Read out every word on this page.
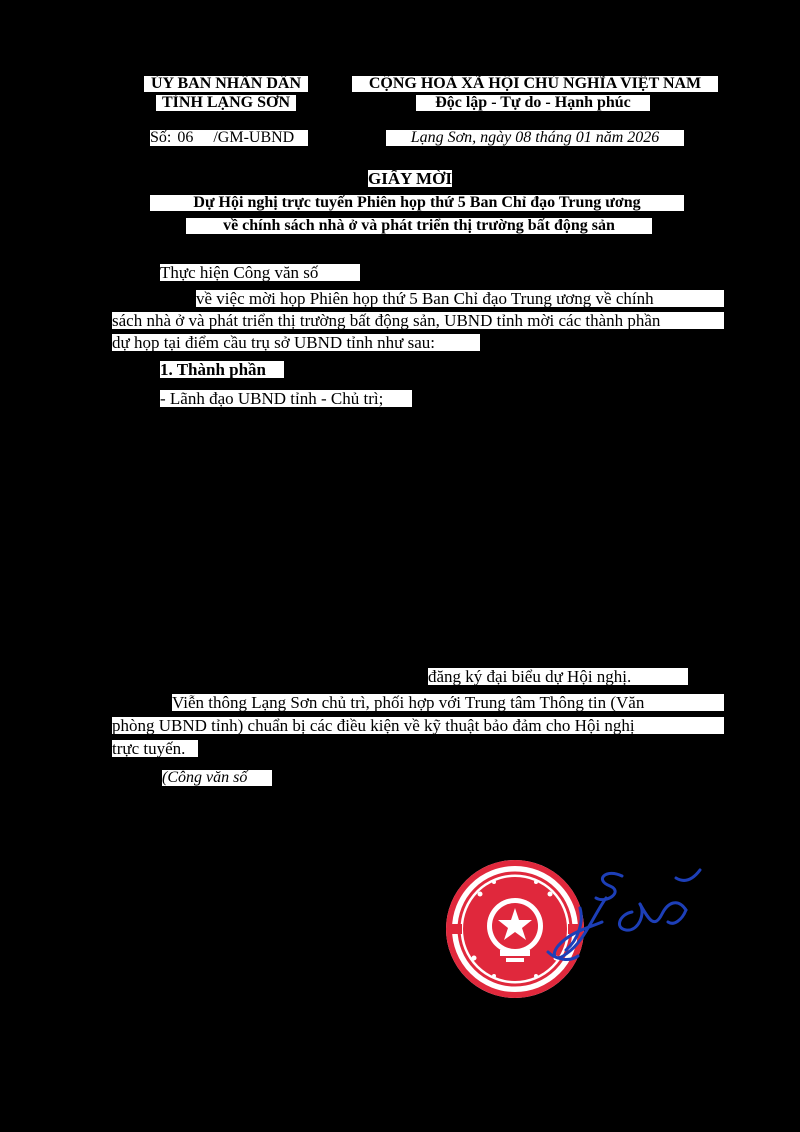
ỦY BAN NHÂN DÂN
TỈNH LẠNG SƠN
CỘNG HOÀ XÃ HỘI CHỦ NGHĨA VIỆT NAM
Độc lập - Tự do - Hạnh phúc
Số: 06 /GM-UBND	Lạng Sơn, ngày 08 tháng 01 năm 2026
GIẤY MỜI
Dự Hội nghị trực tuyến Phiên họp thứ 5 Ban Chỉ đạo Trung ương
về chính sách nhà ở và phát triển thị trường bất động sản
Thực hiện Công văn số
về việc mời họp Phiên họp thứ 5 Ban Chỉ đạo Trung ương về chính
sách nhà ở và phát triển thị trường bất động sản, UBND tỉnh mời các thành phần
dự họp tại điểm cầu trụ sở UBND tỉnh như sau:
1. Thành phần
- Lãnh đạo UBND tỉnh - Chủ trì;
đăng ký đại biểu dự Hội nghị.
Viễn thông Lạng Sơn chủ trì, phối hợp với Trung tâm Thông tin (Văn
phòng UBND tỉnh) chuẩn bị các điều kiện về kỹ thuật bảo đảm cho Hội nghị
trực tuyến.
(Công văn số
